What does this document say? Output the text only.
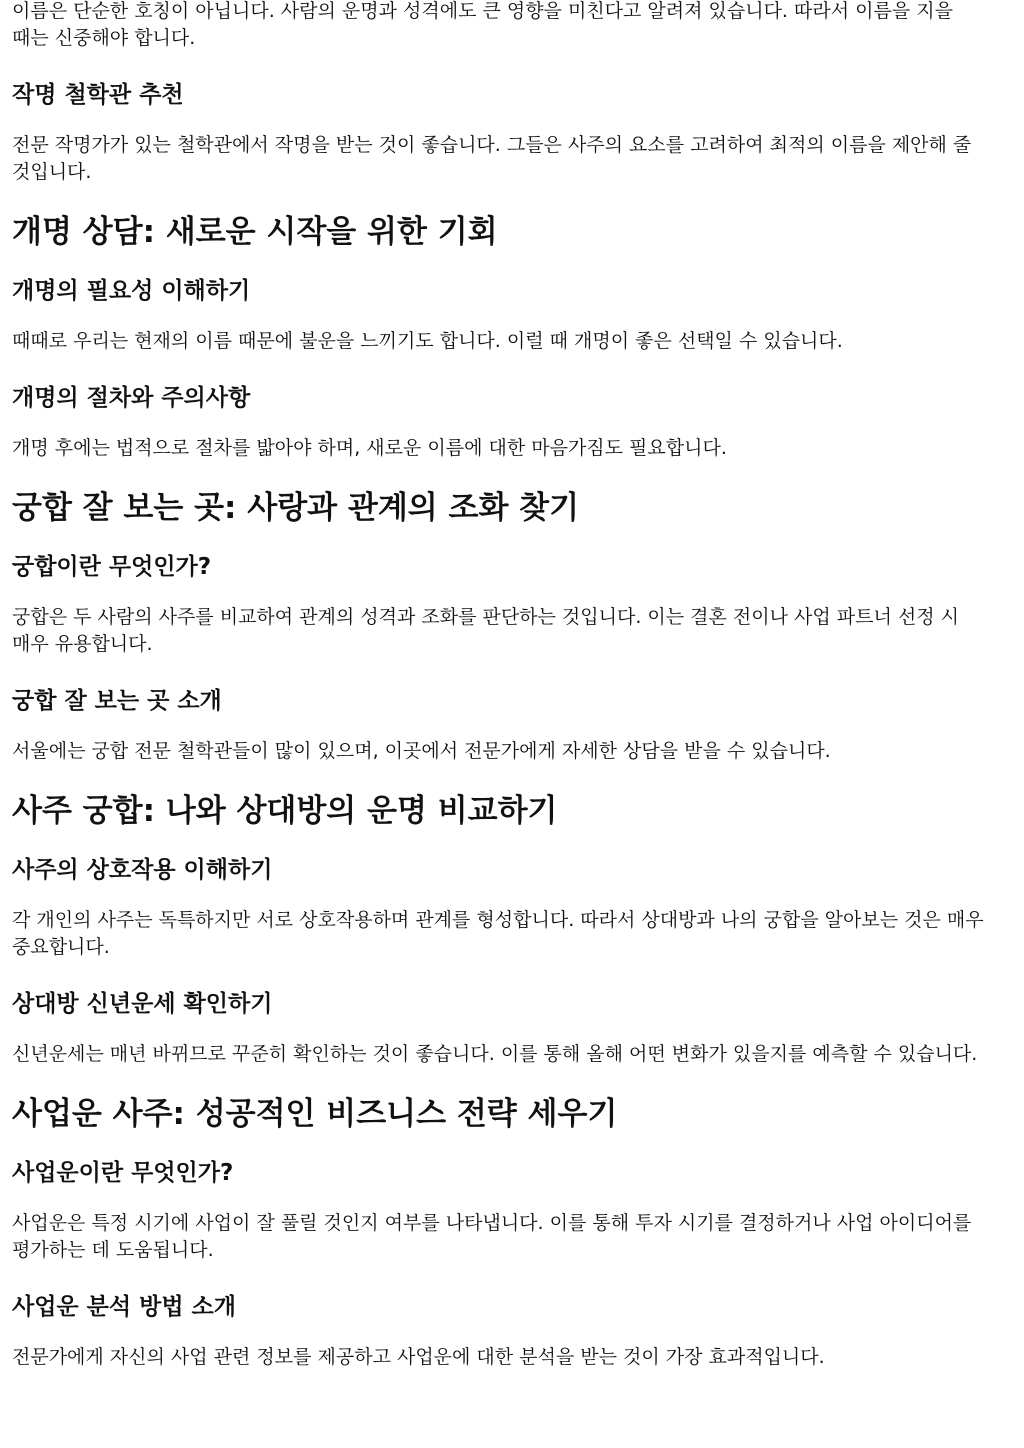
이름은 단순한 호칭이 아닙니다. 사람의 운명과 성격에도 큰 영향을 미친다고 알려져 있습니다. 따라서 이름을 지을 때는 신중해야 합니다.

작명 철학관 추천

전문 작명가가 있는 철학관에서 작명을 받는 것이 좋습니다. 그들은 사주의 요소를 고려하여 최적의 이름을 제안해 줄 것입니다.

개명 상담: 새로운 시작을 위한 기회
개명의 필요성 이해하기

때때로 우리는 현재의 이름 때문에 불운을 느끼기도 합니다. 이럴 때 개명이 좋은 선택일 수 있습니다.

개명의 절차와 주의사항

개명 후에는 법적으로 절차를 밟아야 하며, 새로운 이름에 대한 마음가짐도 필요합니다.

궁합 잘 보는 곳: 사랑과 관계의 조화 찾기
궁합이란 무엇인가?

궁합은 두 사람의 사주를 비교하여 관계의 성격과 조화를 판단하는 것입니다. 이는 결혼 전이나 사업 파트너 선정 시 매우 유용합니다.

궁합 잘 보는 곳 소개

서울에는 궁합 전문 철학관들이 많이 있으며, 이곳에서 전문가에게 자세한 상담을 받을 수 있습니다.

사주 궁합: 나와 상대방의 운명 비교하기
사주의 상호작용 이해하기

각 개인의 사주는 독특하지만 서로 상호작용하며 관계를 형성합니다. 따라서 상대방과 나의 궁합을 알아보는 것은 매우 중요합니다.

상대방 신년운세 확인하기

신년운세는 매년 바뀌므로 꾸준히 확인하는 것이 좋습니다. 이를 통해 올해 어떤 변화가 있을지를 예측할 수 있습니다.

사업운 사주: 성공적인 비즈니스 전략 세우기
사업운이란 무엇인가?

사업운은 특정 시기에 사업이 잘 풀릴 것인지 여부를 나타냅니다. 이를 통해 투자 시기를 결정하거나 사업 아이디어를 평가하는 데 도움됩니다.

사업운 분석 방법 소개

전문가에게 자신의 사업 관련 정보를 제공하고 사업운에 대한 분석을 받는 것이 가장 효과적입니다.
